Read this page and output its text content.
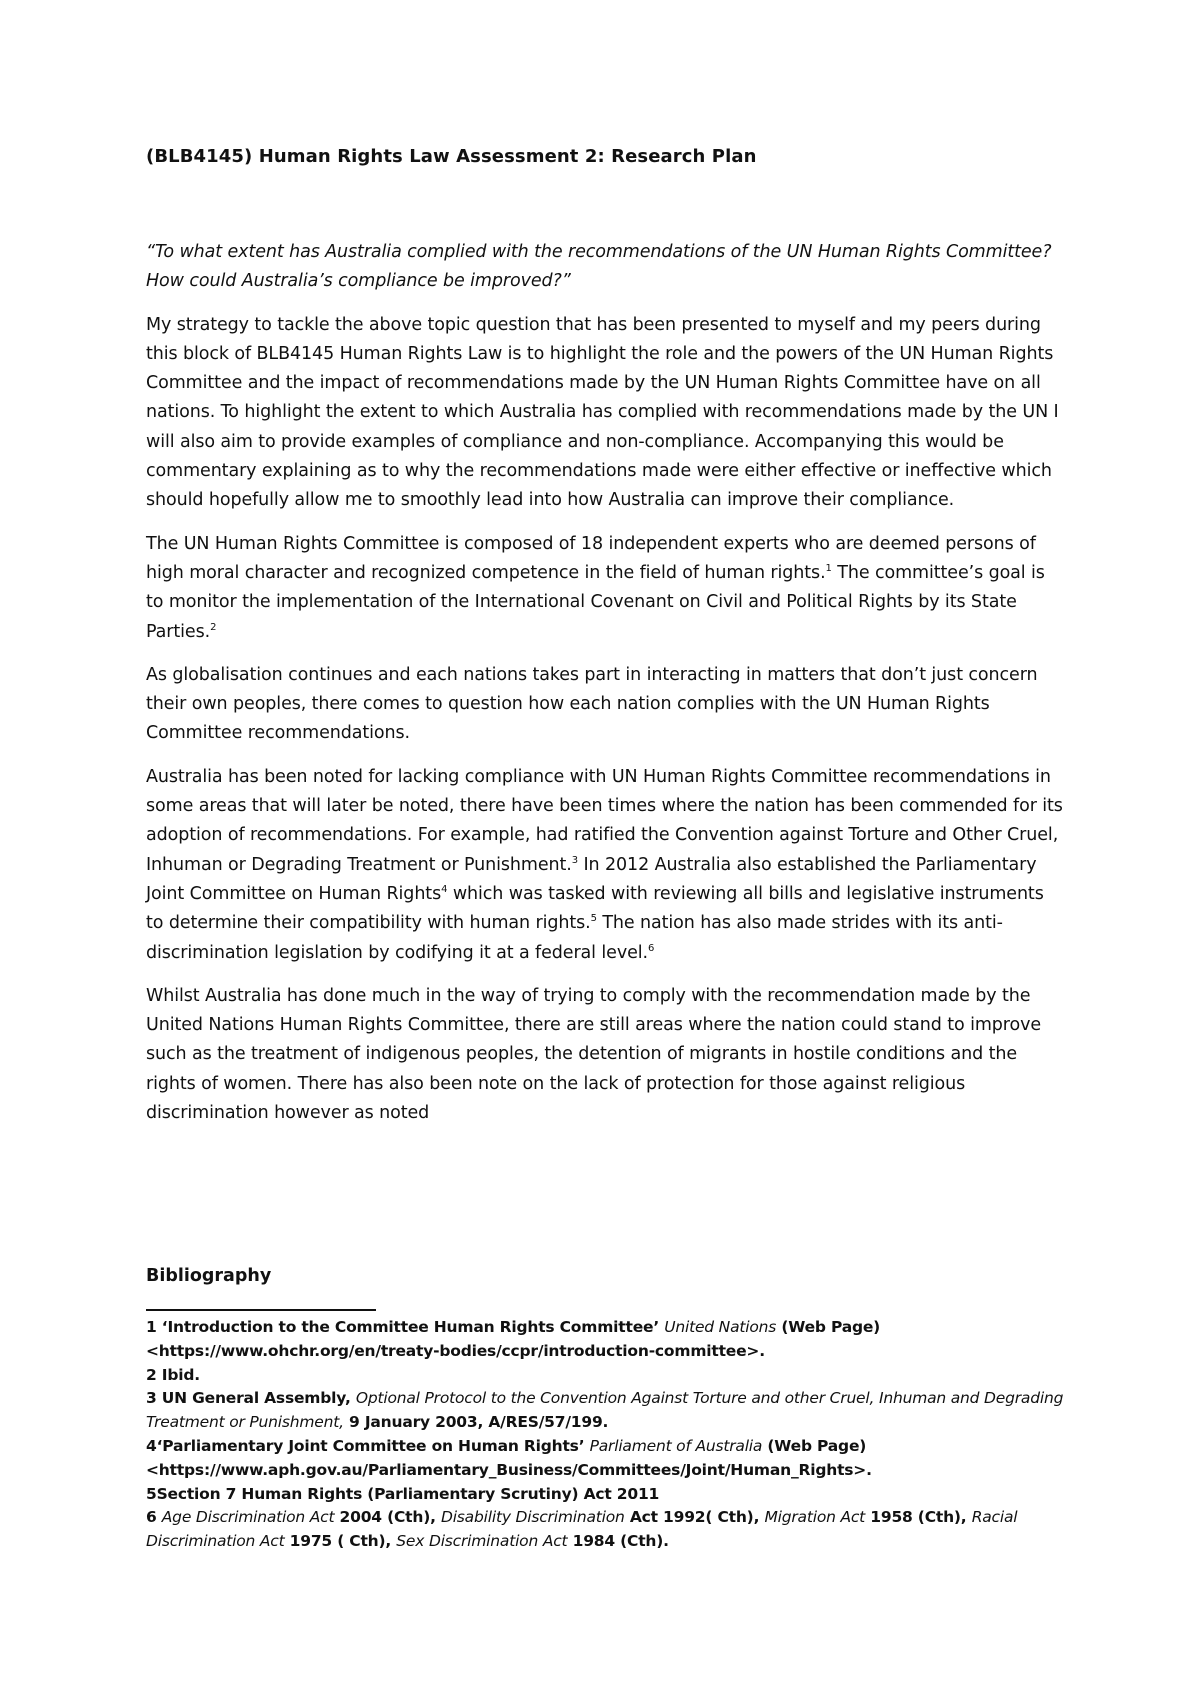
(BLB4145) Human Rights Law Assessment 2: Research Plan

“To what extent has Australia complied with the recommendations of the UN Human Rights Committee? How could Australia’s compliance be improved?”

My strategy to tackle the above topic question that has been presented to myself and my peers during this block of BLB4145 Human Rights Law is to highlight the role and the powers of the UN Human Rights Committee and the impact of recommendations made by the UN Human Rights Committee have on all nations. To highlight the extent to which Australia has complied with recommendations made by the UN I will also aim to provide examples of compliance and non-compliance. Accompanying this would be commentary explaining as to why the recommendations made were either effective or ineffective which should hopefully allow me to smoothly lead into how Australia can improve their compliance.

The UN Human Rights Committee is composed of 18 independent experts who are deemed persons of high moral character and recognized competence in the field of human rights.$^1$ The committee’s goal is to monitor the implementation of the International Covenant on Civil and Political Rights by its State Parties.$^2$

As globalisation continues and each nations takes part in interacting in matters that don’t just concern their own peoples, there comes to question how each nation complies with the UN Human Rights Committee recommendations.

Australia has been noted for lacking compliance with UN Human Rights Committee recommendations in some areas that will later be noted, there have been times where the nation has been commended for its adoption of recommendations. For example, had ratified the Convention against Torture and Other Cruel, Inhuman or Degrading Treatment or Punishment.$^3$ In 2012 Australia also established the Parliamentary Joint Committee on Human Rights$^4$ which was tasked with reviewing all bills and legislative instruments to determine their compatibility with human rights.$^5$ The nation has also made strides with its anti-discrimination legislation by codifying it at a federal level.$^6$

Whilst Australia has done much in the way of trying to comply with the recommendation made by the United Nations Human Rights Committee, there are still areas where the nation could stand to improve such as the treatment of indigenous peoples, the detention of migrants in hostile conditions and the rights of women. There has also been note on the lack of protection for those against religious discrimination however as noted

Bibliography
1 ‘Introduction to the Committee Human Rights Committee’ United Nations (Web Page) <https://www.ohchr.org/en/treaty-bodies/ccpr/introduction-committee>.
2 Ibid.
3 UN General Assembly, Optional Protocol to the Convention Against Torture and other Cruel, Inhuman and Degrading Treatment or Punishment, 9 January 2003, A/RES/57/199.
4‘Parliamentary Joint Committee on Human Rights’ Parliament of Australia (Web Page) <https://www.aph.gov.au/Parliamentary_Business/Committees/Joint/Human_Rights>.
5Section 7 Human Rights (Parliamentary Scrutiny) Act 2011
6 Age Discrimination Act 2004 (Cth), Disability Discrimination Act 1992( Cth), Migration Act 1958 (Cth), Racial Discrimination Act 1975 ( Cth), Sex Discrimination Act 1984 (Cth).
